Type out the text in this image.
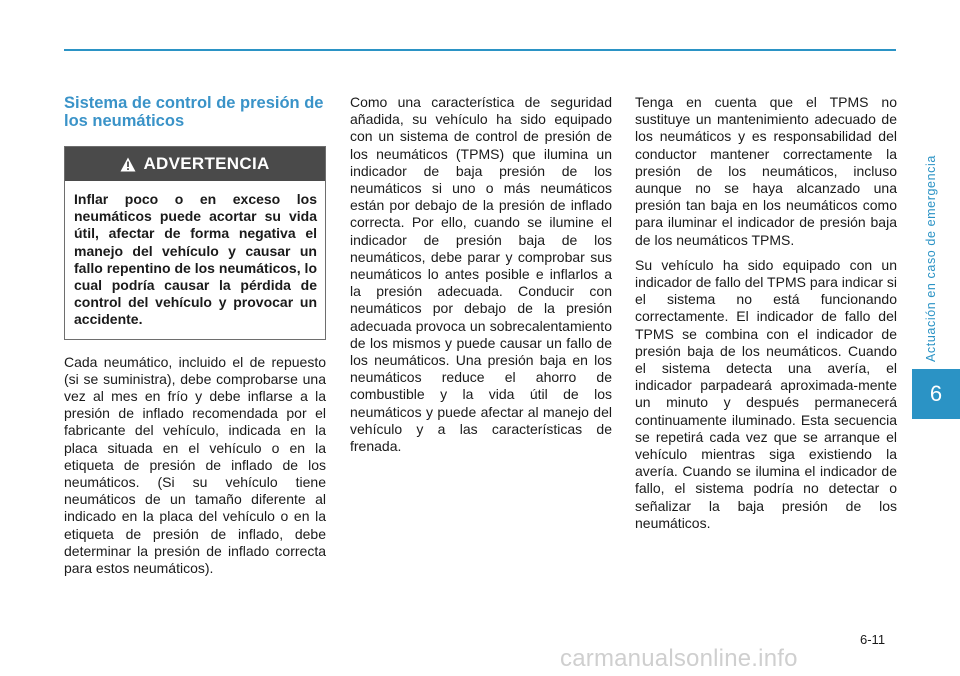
Actuación en caso de emergencia
6
Sistema de control de presión de los neumáticos
ADVERTENCIA
Inflar poco o en exceso los neumáticos puede acortar su vida útil, afectar de forma negativa el manejo del vehículo y causar un fallo repentino de los neumáticos, lo cual podría causar la pérdida de control del vehículo y provocar un accidente.

Cada neumático, incluido el de repuesto (si se suministra), debe comprobarse una vez al mes en frío y debe inflarse a la presión de inflado recomendada por el fabricante del vehículo, indicada en la placa situada en el vehículo o en la etiqueta de presión de inflado de los neumáticos. (Si su vehículo tiene neumáticos de un tamaño diferente al indicado en la placa del vehículo o en la etiqueta de presión de inflado, debe determinar la presión de inflado correcta para estos neumáticos).

Como una característica de seguridad añadida, su vehículo ha sido equipado con un sistema de control de presión de los neumáticos (TPMS) que ilumina un indicador de baja presión de los neumáticos si uno o más neumáticos están por debajo de la presión de inflado correcta. Por ello, cuando se ilumine el indicador de presión baja de los neumáticos, debe parar y comprobar sus neumáticos lo antes posible e inflarlos a la presión adecuada. Conducir con neumáticos por debajo de la presión adecuada provoca un sobrecalentamiento de los mismos y puede causar un fallo de los neumáticos. Una presión baja en los neumáticos reduce el ahorro de combustible y la vida útil de los neumáticos y puede afectar al manejo del vehículo y a las características de frenada.

Tenga en cuenta que el TPMS no sustituye un mantenimiento adecuado de los neumáticos y es responsabilidad del conductor mantener correctamente la presión de los neumáticos, incluso aunque no se haya alcanzado una presión tan baja en los neumáticos como para iluminar el indicador de presión baja de los neumáticos TPMS.

Su vehículo ha sido equipado con un indicador de fallo del TPMS para indicar si el sistema no está funcionando correctamente. El indicador de fallo del TPMS se combina con el indicador de presión baja de los neumáticos. Cuando el sistema detecta una avería, el indicador parpadeará aproximada-mente un minuto y después permanecerá continuamente iluminado. Esta secuencia se repetirá cada vez que se arranque el vehículo mientras siga existiendo la avería. Cuando se ilumina el indicador de fallo, el sistema podría no detectar o señalizar la baja presión de los neumáticos.

6-11
carmanualsonline.info
